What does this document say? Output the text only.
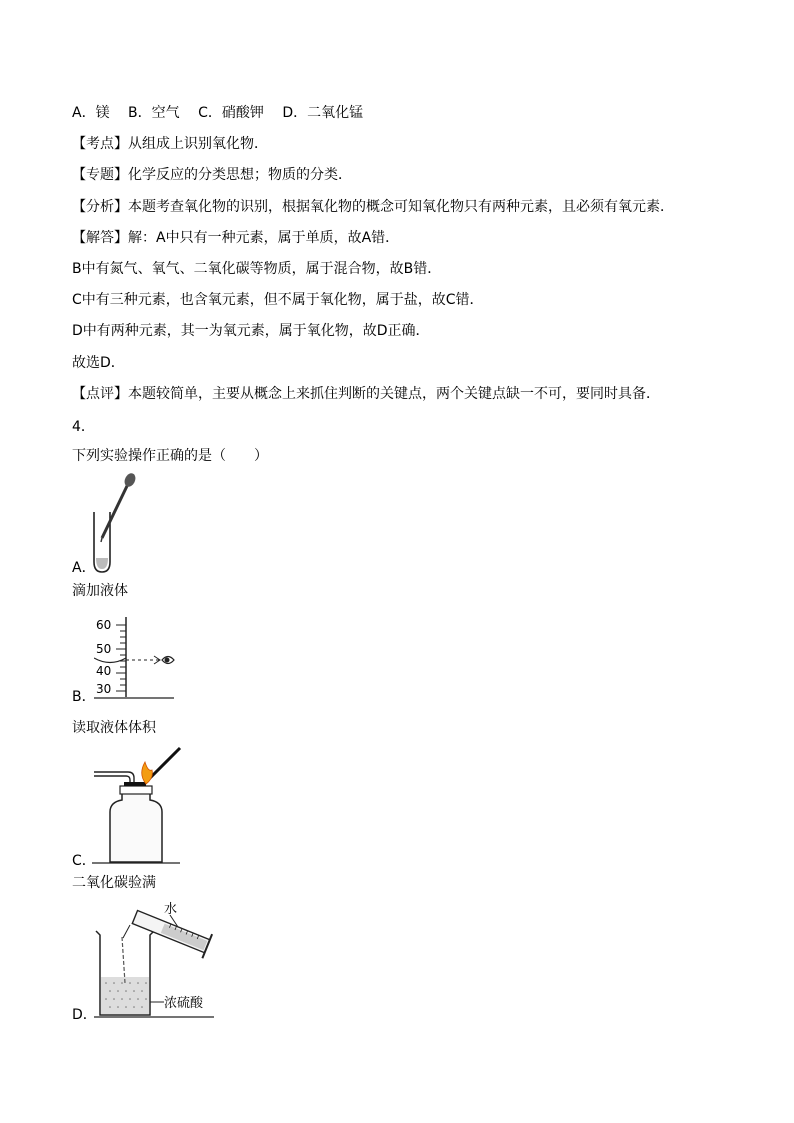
A．镁 B．空气 C．硝酸钾 D．二氧化锰
【考点】从组成上识别氧化物．
【专题】化学反应的分类思想；物质的分类．
【分析】本题考查氧化物的识别，根据氧化物的概念可知氧化物只有两种元素，且必须有氧元素．
【解答】解：A中只有一种元素，属于单质，故A错．
B中有氮气、氧气、二氧化碳等物质，属于混合物，故B错．
C中有三种元素，也含氧元素，但不属于氧化物，属于盐，故C错．
D中有两种元素，其一为氧元素，属于氧化物，故D正确．
故选D．
【点评】本题较简单，主要从概念上来抓住判断的关键点，两个关键点缺一不可，要同时具备．
4．
下列实验操作正确的是（　　）
A．
滴加液体
60
50
40
30
B．
读取液体体积
C．
二氧化碳验满
水
浓硫酸
D．
